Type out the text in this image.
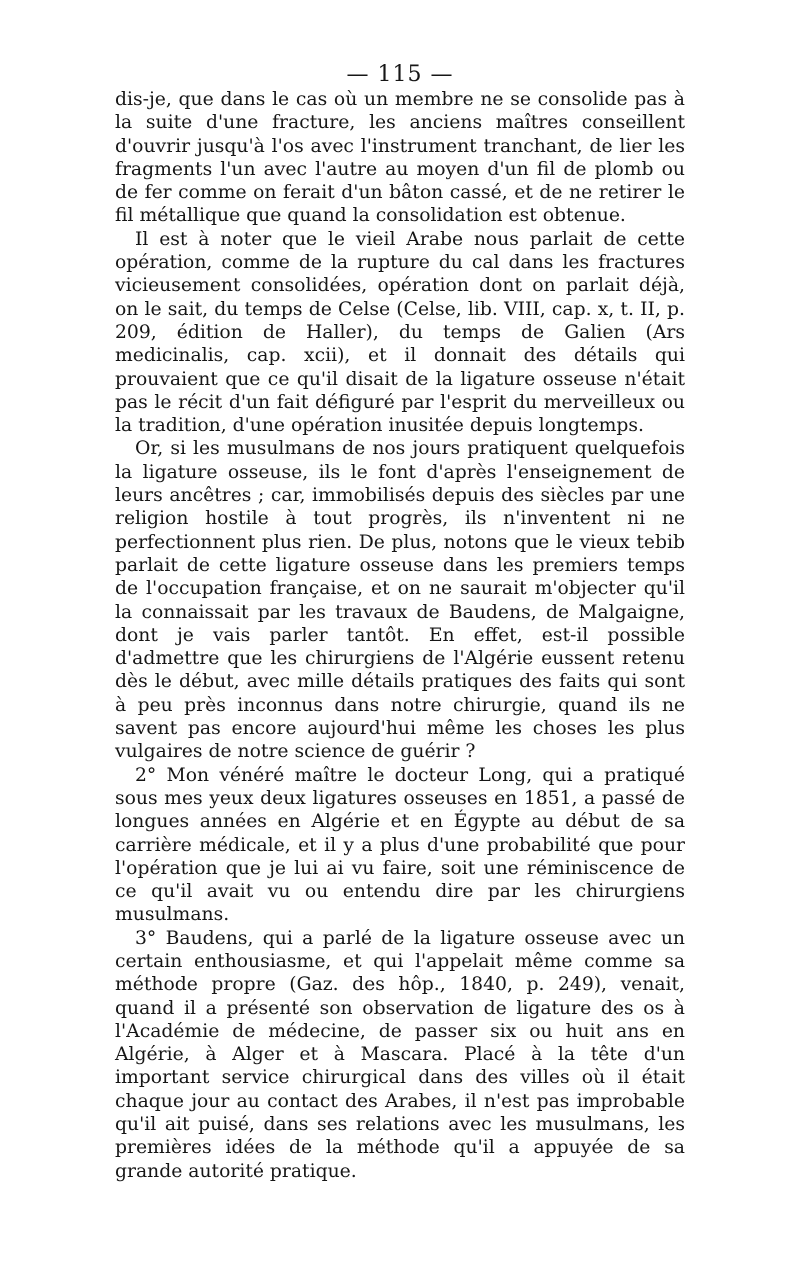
— 115 —

dis-je, que dans le cas où un membre ne se consolide pas à la suite d'une fracture, les anciens maîtres conseillent d'ouvrir jusqu'à l'os avec l'instrument tranchant, de lier les fragments l'un avec l'autre au moyen d'un fil de plomb ou de fer comme on ferait d'un bâton cassé, et de ne retirer le fil métallique que quand la consolidation est obtenue.

Il est à noter que le vieil Arabe nous parlait de cette opération, comme de la rupture du cal dans les fractures vicieusement consolidées, opération dont on parlait déjà, on le sait, du temps de Celse (Celse, lib. VIII, cap. x, t. II, p. 209, édition de Haller), du temps de Galien (Ars medicinalis, cap. xcii), et il donnait des détails qui prouvaient que ce qu'il disait de la ligature osseuse n'était pas le récit d'un fait défiguré par l'esprit du merveilleux ou la tradition, d'une opération inusitée depuis longtemps.

Or, si les musulmans de nos jours pratiquent quelquefois la ligature osseuse, ils le font d'après l'enseignement de leurs ancêtres ; car, immobilisés depuis des siècles par une religion hostile à tout progrès, ils n'inventent ni ne perfectionnent plus rien. De plus, notons que le vieux tebib parlait de cette ligature osseuse dans les premiers temps de l'occupation française, et on ne saurait m'objecter qu'il la connaissait par les travaux de Baudens, de Malgaigne, dont je vais parler tantôt. En effet, est-il possible d'admettre que les chirurgiens de l'Algérie eussent retenu dès le début, avec mille détails pratiques des faits qui sont à peu près inconnus dans notre chirurgie, quand ils ne savent pas encore aujourd'hui même les choses les plus vulgaires de notre science de guérir ?

2° Mon vénéré maître le docteur Long, qui a pratiqué sous mes yeux deux ligatures osseuses en 1851, a passé de longues années en Algérie et en Égypte au début de sa carrière médicale, et il y a plus d'une probabilité que pour l'opération que je lui ai vu faire, soit une réminiscence de ce qu'il avait vu ou entendu dire par les chirurgiens musulmans.

3° Baudens, qui a parlé de la ligature osseuse avec un certain enthousiasme, et qui l'appelait même comme sa méthode propre (Gaz. des hôp., 1840, p. 249), venait, quand il a présenté son observation de ligature des os à l'Académie de médecine, de passer six ou huit ans en Algérie, à Alger et à Mascara. Placé à la tête d'un important service chirurgical dans des villes où il était chaque jour au contact des Arabes, il n'est pas improbable qu'il ait puisé, dans ses relations avec les musulmans, les premières idées de la méthode qu'il a appuyée de sa grande autorité pratique.
